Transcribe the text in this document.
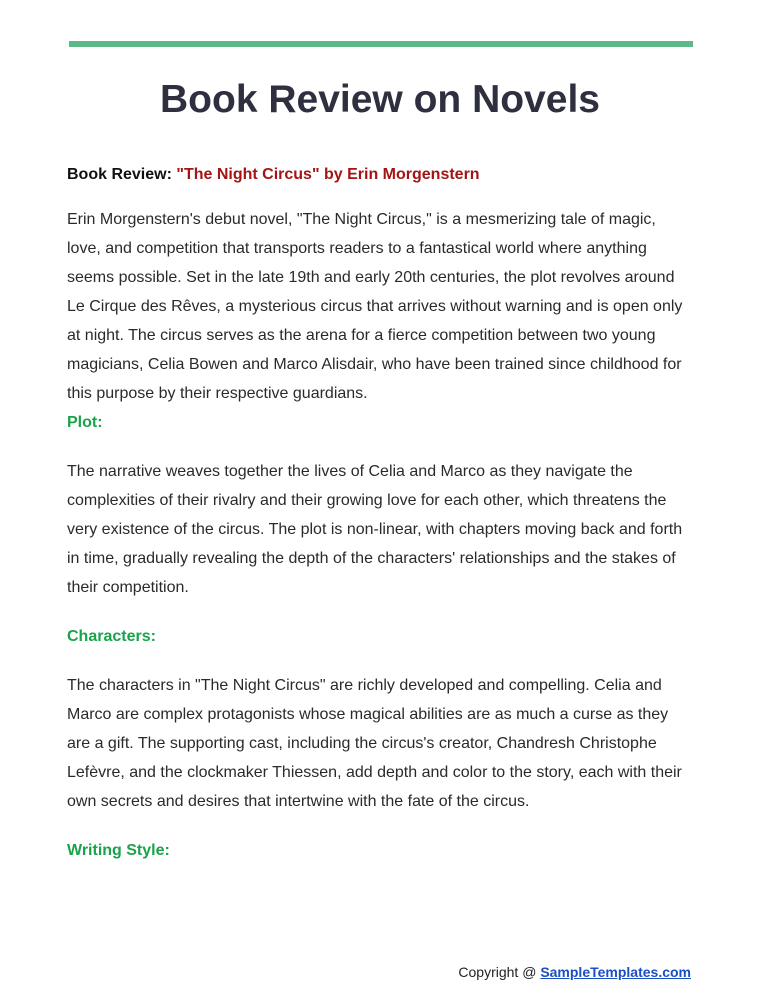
Book Review on Novels

Book Review: "The Night Circus" by Erin Morgenstern

Erin Morgenstern's debut novel, "The Night Circus," is a mesmerizing tale of magic, love, and competition that transports readers to a fantastical world where anything seems possible. Set in the late 19th and early 20th centuries, the plot revolves around Le Cirque des Rêves, a mysterious circus that arrives without warning and is open only at night. The circus serves as the arena for a fierce competition between two young magicians, Celia Bowen and Marco Alisdair, who have been trained since childhood for this purpose by their respective guardians.

Plot:

The narrative weaves together the lives of Celia and Marco as they navigate the complexities of their rivalry and their growing love for each other, which threatens the very existence of the circus. The plot is non-linear, with chapters moving back and forth in time, gradually revealing the depth of the characters' relationships and the stakes of their competition.

Characters:

The characters in "The Night Circus" are richly developed and compelling. Celia and Marco are complex protagonists whose magical abilities are as much a curse as they are a gift. The supporting cast, including the circus's creator, Chandresh Christophe Lefèvre, and the clockmaker Thiessen, add depth and color to the story, each with their own secrets and desires that intertwine with the fate of the circus.

Writing Style:
Copyright @ SampleTemplates.com
